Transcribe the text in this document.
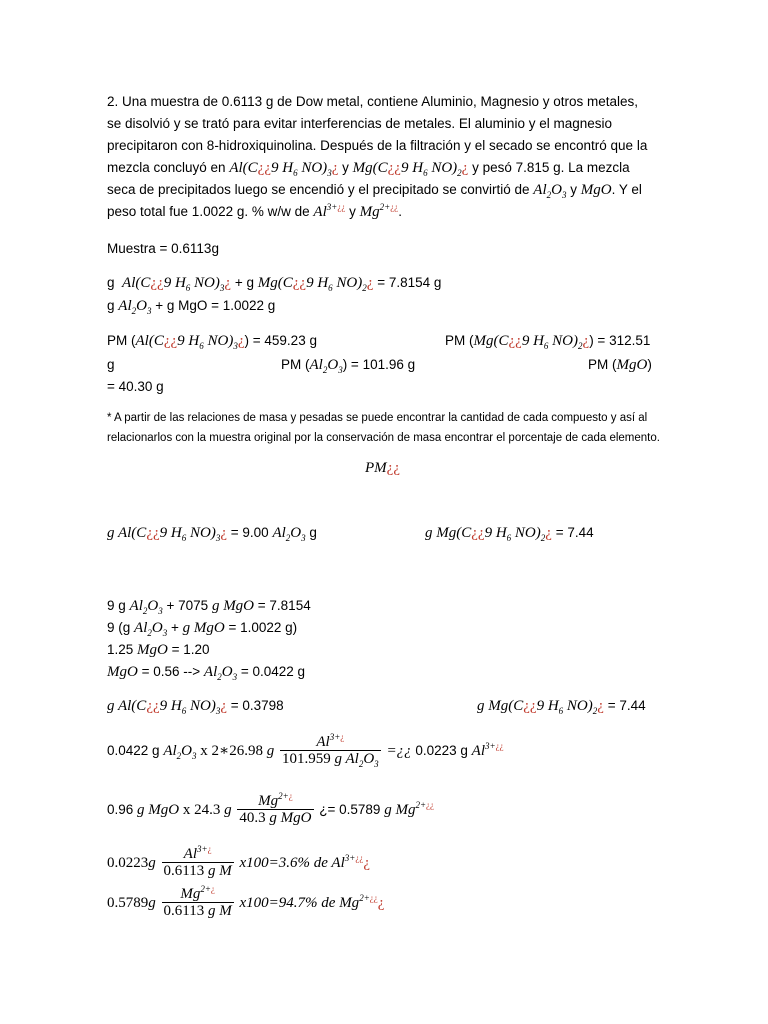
2. Una muestra de 0.6113 g de Dow metal, contiene Aluminio, Magnesio y otros metales,
se disolvió y se trató para evitar interferencias de metales. El aluminio y el magnesio
precipitaron con 8-hidroxiquinolina. Después de la filtración y el secado se encontró que la
mezcla concluyó en Al(C¿¿9 $H_6$ $NO)_3¿$ y Mg(C¿¿9 $H_6$ $NO)_2¿$ y pesó 7.815 g. La mezcla
seca de precipitados luego se encendió y el precipitado se convirtió de $Al_2O_3$ y MgO. Y el
peso total fue 1.0022 g. % w/w de $Al^{3+¿¿}$ y $Mg^{2+¿¿}$.
Muestra = 0.6113g
g Al(C¿¿9 $H_6$ $NO)_3¿ + g$ Mg(C¿¿9 $H_6$ $NO)_2¿ = 7.8154$ g
g $Al_2O_3 + g$ MgO = 1.0022 g
PM (Al(C¿¿9 $H_6$ $NO)_3¿) = 459.23$ g	PM (Mg(C¿¿9 $H_6$ $NO)_2¿) = 312.51$
g	PM $(Al_2O_3) = 101.96$ g	PM (MgO)
= 40.30 g
* A partir de las relaciones de masa y pesadas se puede encontrar la cantidad de cada compuesto y así al
relacionarlos con la muestra original por la conservación de masa encontrar el porcentaje de cada elemento.
PM¿¿
g Al(C¿¿9 $H_6$ $NO)_3¿ = 9.00$ $Al_2O_3$ g	g Mg(C¿¿9 $H_6$ $NO)_2¿ = 7.44$
9 g $Al_2O_3 + 7075$ g MgO = 7.8154
9 (g $Al_2O_3 + g$ MgO = 1.0022 g)
1.25 MgO = 1.20
MgO = 0.56 --> $Al_2O_3 = 0.0422$ g
g Al(C¿¿9 $H_6$ $NO)_3¿ = 0.3798$	g Mg(C¿¿9 $H_6$ $NO)_2¿ = 7.44$
0.0422 g $Al_2O_3$ x 2∗26.98 g $\frac{Al^{3+¿}}{101.959 g Al_2O_3}$ =¿¿ 0.0223 g $Al^{3+¿¿}$
0.96 g MgO x 24.3 g $\frac{Mg^{2+¿}}{\text{40.3 g MgO}}$ ¿= 0.5789 g $Mg^{2+¿¿}$
$0.0223g \frac{Al^{3+¿}}{\text{0.6113 g M}} x100=3.6\%$ de $Al^{3+¿¿}¿$
$0.5789g \frac{Mg^{2+¿}}{\text{0.6113 g M}} x100=94.7\%$ de $Mg^{2+¿¿}¿$
